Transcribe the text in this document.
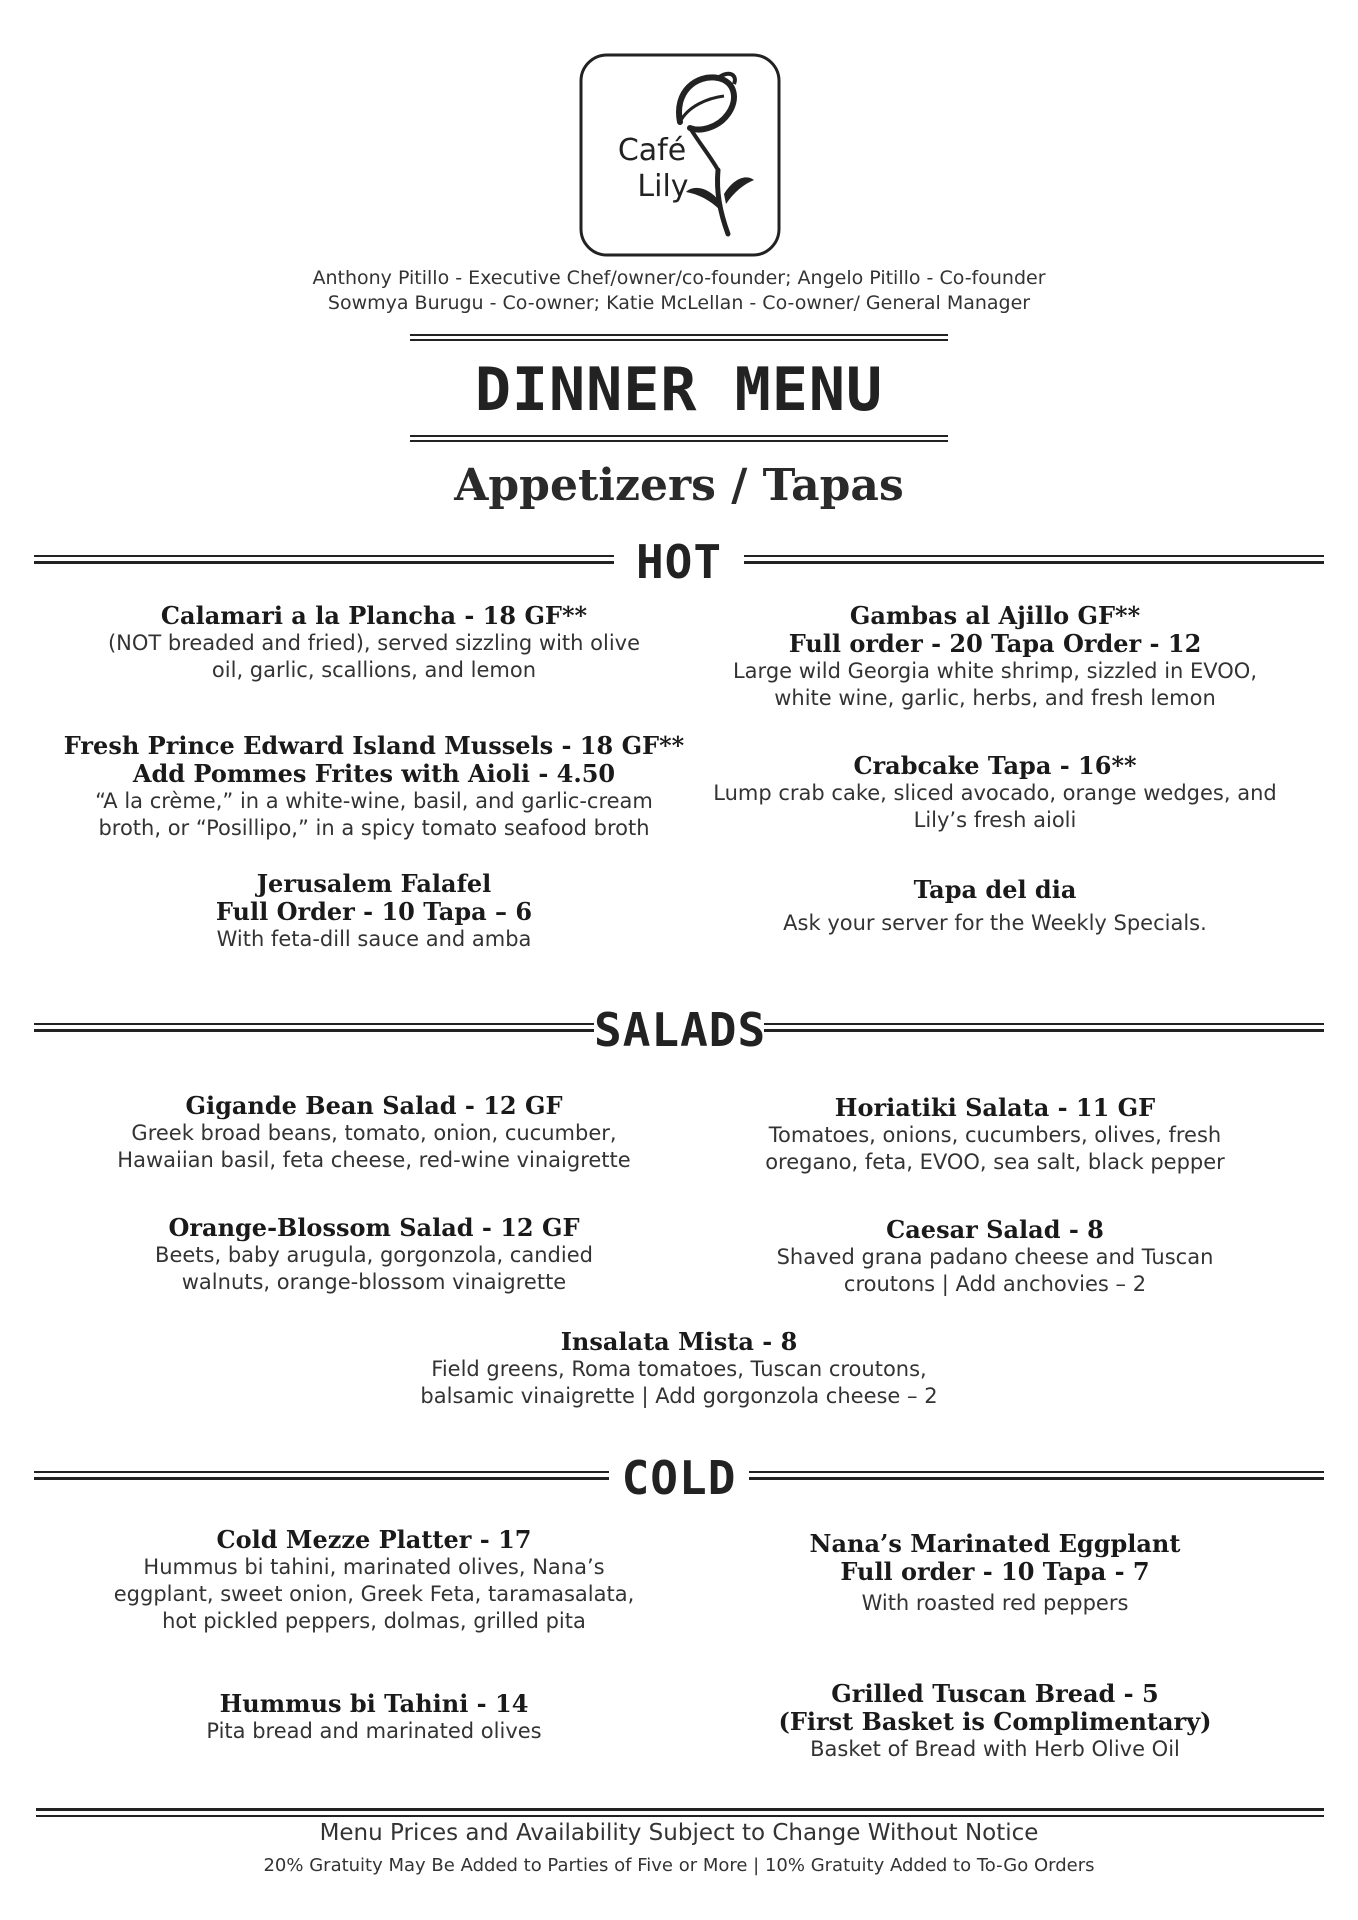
Café
Lily
Anthony Pitillo - Executive Chef/owner/co-founder; Angelo Pitillo - Co-founder
Sowmya Burugu - Co-owner; Katie McLellan - Co-owner/ General Manager
DINNER MENU
Appetizers / Tapas
HOT
Calamari a la Plancha - 18 GF**
(NOT breaded and fried), served sizzling with olive
oil, garlic, scallions, and lemon
Fresh Prince Edward Island Mussels - 18 GF**
Add Pommes Frites with Aioli - 4.50
“A la crème,” in a white-wine, basil, and garlic-cream
broth, or “Posillipo,” in a spicy tomato seafood broth
Jerusalem Falafel
Full Order - 10 Tapa – 6
With feta-dill sauce and amba
Gambas al Ajillo GF**
Full order - 20 Tapa Order - 12
Large wild Georgia white shrimp, sizzled in EVOO,
white wine, garlic, herbs, and fresh lemon
Crabcake Tapa - 16**
Lump crab cake, sliced avocado, orange wedges, and
Lily’s fresh aioli
Tapa del dia
Ask your server for the Weekly Specials.
SALADS
Gigande Bean Salad - 12 GF
Greek broad beans, tomato, onion, cucumber,
Hawaiian basil, feta cheese, red-wine vinaigrette
Orange-Blossom Salad - 12 GF
Beets, baby arugula, gorgonzola, candied
walnuts, orange-blossom vinaigrette
Horiatiki Salata - 11 GF
Tomatoes, onions, cucumbers, olives, fresh
oregano, feta, EVOO, sea salt, black pepper
Caesar Salad - 8
Shaved grana padano cheese and Tuscan
croutons | Add anchovies – 2
Insalata Mista - 8
Field greens, Roma tomatoes, Tuscan croutons,
balsamic vinaigrette | Add gorgonzola cheese – 2
COLD
Cold Mezze Platter - 17
Hummus bi tahini, marinated olives, Nana’s
eggplant, sweet onion, Greek Feta, taramasalata,
hot pickled peppers, dolmas, grilled pita
Hummus bi Tahini - 14
Pita bread and marinated olives
Nana’s Marinated Eggplant
Full order - 10 Tapa - 7
With roasted red peppers
Grilled Tuscan Bread - 5
(First Basket is Complimentary)
Basket of Bread with Herb Olive Oil
Menu Prices and Availability Subject to Change Without Notice
20% Gratuity May Be Added to Parties of Five or More | 10% Gratuity Added to To-Go Orders
